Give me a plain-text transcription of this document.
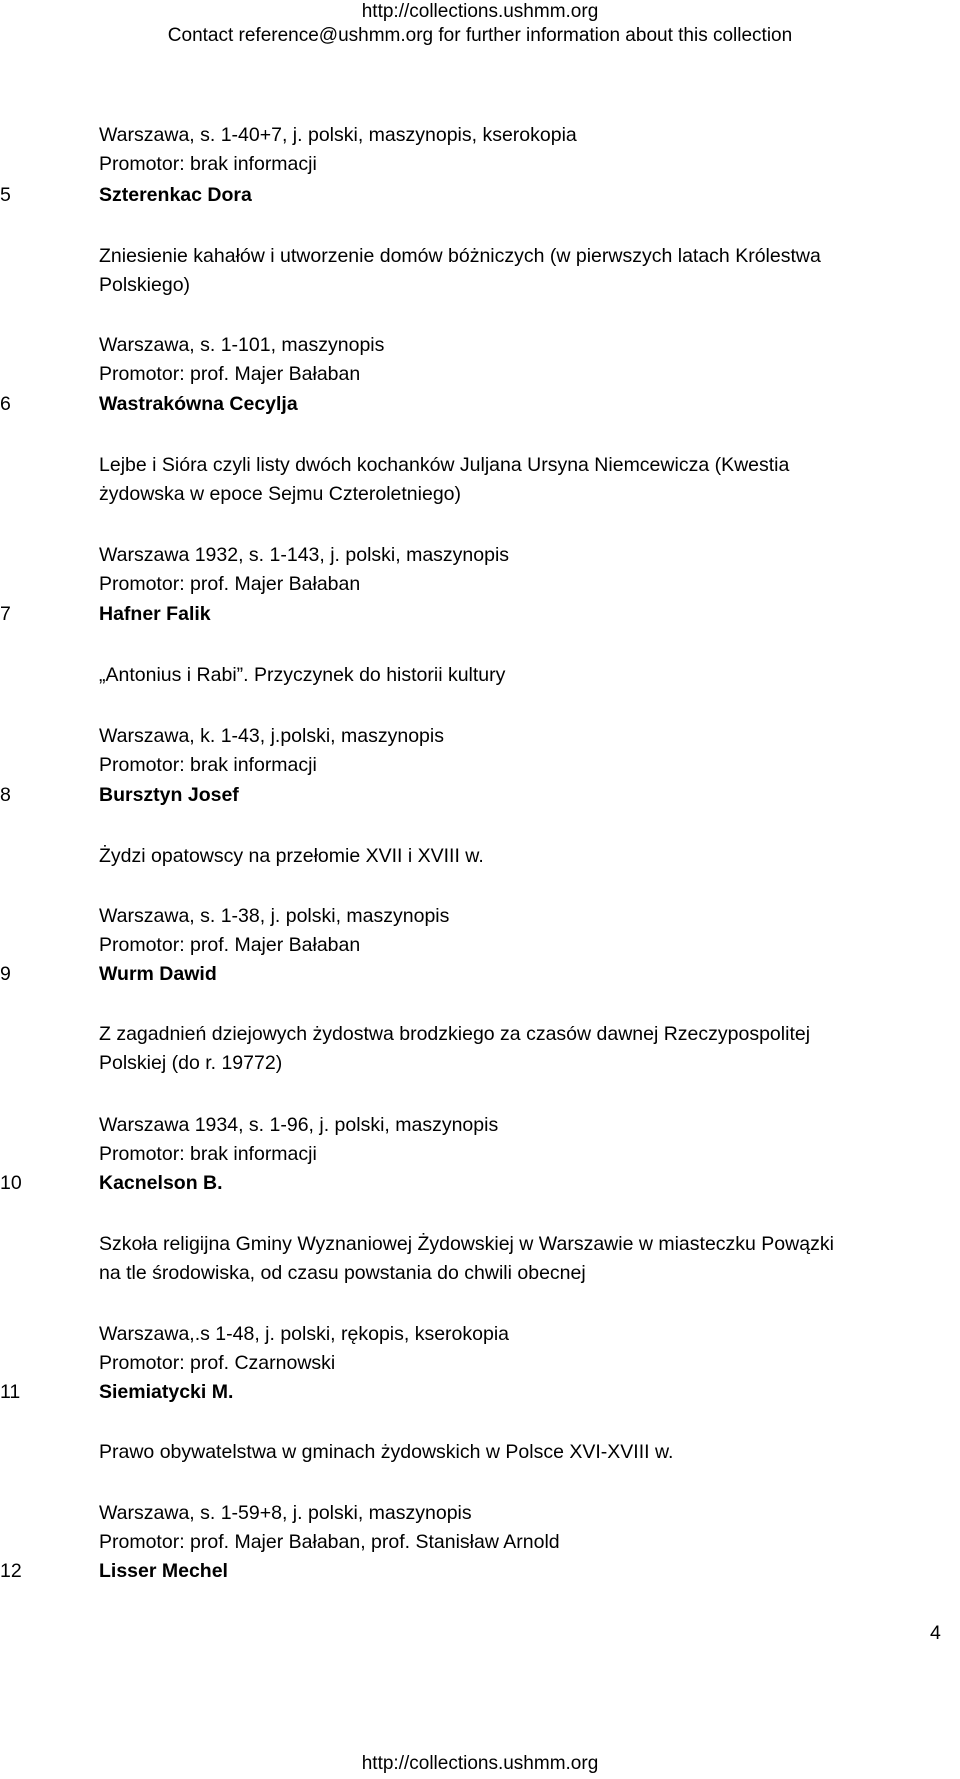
http://collections.ushmm.org
Contact reference@ushmm.org for further information about this collection
Warszawa, s. 1-40+7, j. polski, maszynopis, kserokopia
Promotor: brak informacji
5	Szterenkac Dora
Zniesienie kahałów i utworzenie domów bóżniczych (w pierwszych latach Królestwa
Polskiego)
Warszawa, s. 1-101, maszynopis
Promotor: prof. Majer Bałaban
6	Wastrakówna Cecylja
Lejbe i Sióra czyli listy dwóch kochanków Juljana Ursyna Niemcewicza (Kwestia
żydowska w epoce Sejmu Czteroletniego)
Warszawa 1932, s. 1-143, j. polski, maszynopis
Promotor: prof. Majer Bałaban
7	Hafner Falik
„Antonius i Rabi”. Przyczynek do historii kultury
Warszawa, k. 1-43, j.polski, maszynopis
Promotor: brak informacji
8	Bursztyn Josef
Żydzi opatowscy na przełomie XVII i XVIII w.
Warszawa, s. 1-38, j. polski, maszynopis
Promotor: prof. Majer Bałaban
9	Wurm Dawid
Z zagadnień dziejowych żydostwa brodzkiego za czasów dawnej Rzeczypospolitej
Polskiej (do r. 19772)
Warszawa 1934, s. 1-96, j. polski, maszynopis
Promotor: brak informacji
10	Kacnelson B.
Szkoła religijna Gminy Wyznaniowej Żydowskiej w Warszawie w miasteczku Powązki
na tle środowiska, od czasu powstania do chwili obecnej
Warszawa,.s 1-48, j. polski, rękopis, kserokopia
Promotor: prof. Czarnowski
11	Siemiatycki M.
Prawo obywatelstwa w gminach żydowskich w Polsce XVI-XVIII w.
Warszawa, s. 1-59+8, j. polski, maszynopis
Promotor: prof. Majer Bałaban, prof. Stanisław Arnold
12	Lisser Mechel
4
http://collections.ushmm.org
